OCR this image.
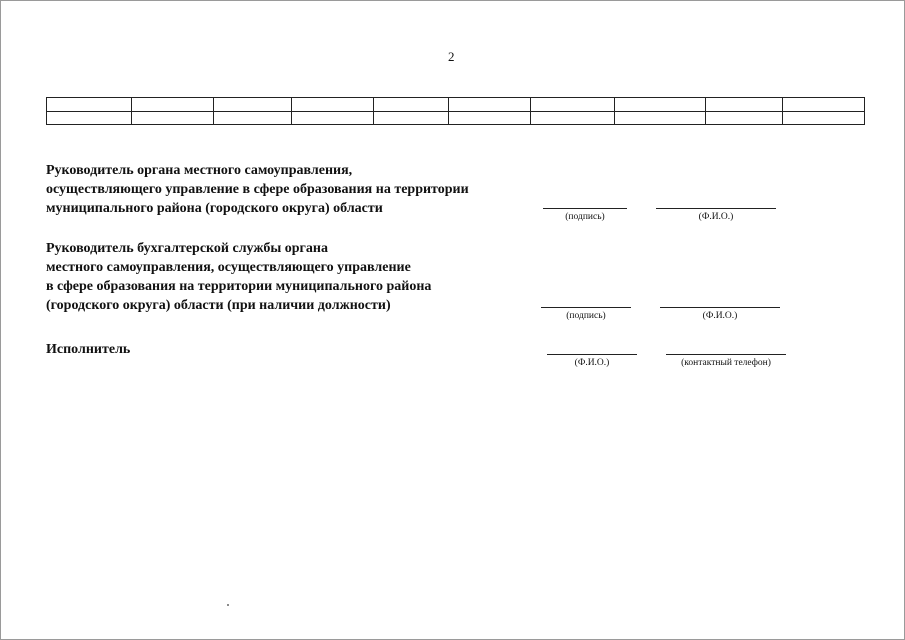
2

Руководитель органа местного самоуправления,
осуществляющего управление в сфере образования на территории
муниципального района (городского округа) области
(подпись)	(Ф.И.О.)
Руководитель бухгалтерской службы органа
местного самоуправления, осуществляющего управление
в сфере образования на территории муниципального района
(городского округа) области (при наличии должности)
(подпись)	(Ф.И.О.)
Исполнитель
(Ф.И.О.)	(контактный телефон)
